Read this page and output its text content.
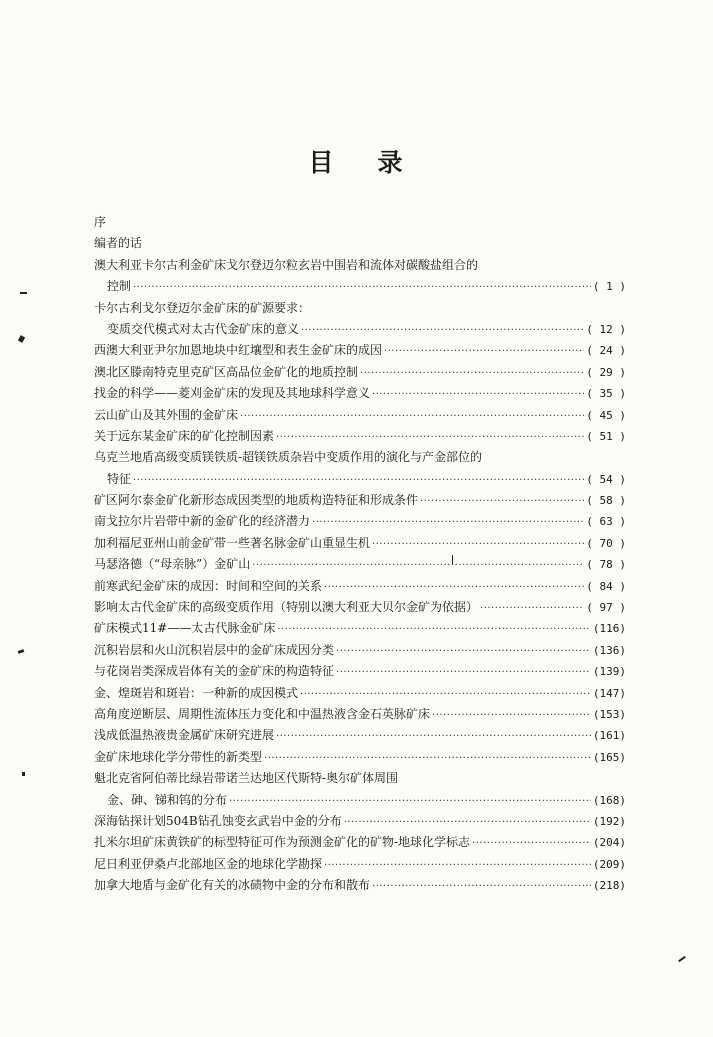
目 录
序
编者的话
澳大利亚卡尔古利金矿床戈尔登迈尔粒玄岩中围岩和流体对碳酸盐组合的
控制 ·····	( 1 )
卡尔古利戈尔登迈尔金矿床的矿源要求：
变质交代模式对太古代金矿床的意义 ·····	( 12 )
西澳大利亚尹尔加恩地块中红壤型和表生金矿床的成因 ·····	( 24 )
澳北区滕南特克里克矿区高品位金矿化的地质控制 ·····	( 29 )
找金的科学——菱刈金矿床的发现及其地球科学意义 ·····	( 35 )
云山矿山及其外围的金矿床 ·····	( 45 )
关于远东某金矿床的矿化控制因素 ·····	( 51 )
乌克兰地盾高级变质镁铁质-超镁铁质杂岩中变质作用的演化与产金部位的
特征 ·····	( 54 )
矿区阿尔泰金矿化新形态成因类型的地质构造特征和形成条件 ·····	( 58 )
南戈拉尔片岩带中新的金矿化的经济潜力 ·····	( 63 )
加利福尼亚州山前金矿带一些著名脉金矿山重显生机 ·····	( 70 )
马瑟洛德（“母亲脉”）金矿山 ·····	( 78 )
前寒武纪金矿床的成因：时间和空间的关系 ·····	( 84 )
影响太古代金矿床的高级变质作用（特别以澳大利亚大贝尔金矿为依据） ·····	( 97 )
矿床模式11#——太古代脉金矿床 ·····	(116)
沉积岩层和火山沉积岩层中的金矿床成因分类 ·····	(136)
与花岗岩类深成岩体有关的金矿床的构造特征 ·····	(139)
金、煌斑岩和斑岩：一种新的成因模式 ·····	(147)
高角度逆断层、周期性流体压力变化和中温热液含金石英脉矿床 ·····	(153)
浅成低温热液贵金属矿床研究进展 ·····	(161)
金矿床地球化学分带性的新类型 ·····	(165)
魁北克省阿伯蒂比绿岩带诺兰达地区代斯特-奥尔矿体周围
金、砷、锑和钨的分布 ·····	(168)
深海钻探计划504B钻孔蚀变玄武岩中金的分布 ·····	(192)
扎米尔坦矿床黄铁矿的标型特征可作为预测金矿化的矿物-地球化学标志 ·····	(204)
尼日利亚伊桑卢北部地区金的地球化学勘探 ·····	(209)
加拿大地盾与金矿化有关的冰碛物中金的分布和散布 ·····	(218)
